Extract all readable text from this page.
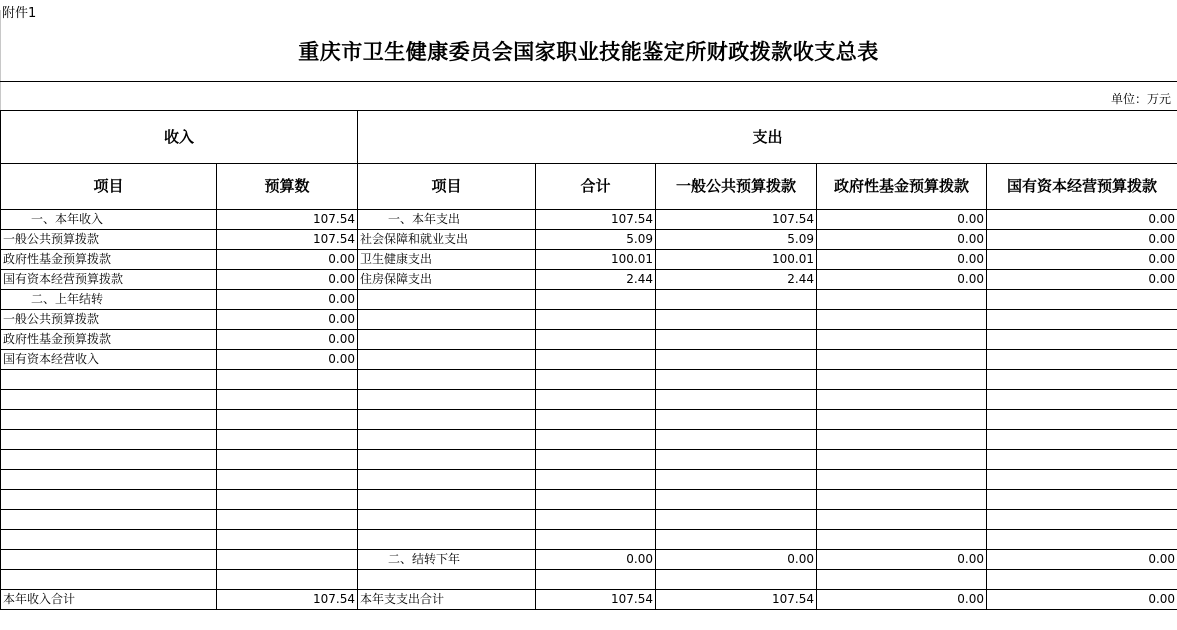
附件1
重庆市卫生健康委员会国家职业技能鉴定所财政拨款收支总表
单位：万元
收入		支出				
项目	预算数	项目	合计	一般公共预算拨款	政府性基金预算拨款	国有资本经营预算拨款
一、本年收入	107.54	一、本年支出	107.54	107.54	0.00	0.00
一般公共预算拨款	107.54	社会保障和就业支出	5.09	5.09	0.00	0.00
政府性基金预算拨款	0.00	卫生健康支出	100.01	100.01	0.00	0.00
国有资本经营预算拨款	0.00	住房保障支出	2.44	2.44	0.00	0.00
二、上年结转	0.00					
一般公共预算拨款	0.00					
政府性基金预算拨款	0.00					
国有资本经营收入	0.00					

		二、结转下年	0.00	0.00	0.00	0.00

本年收入合计	107.54	本年支支出合计	107.54	107.54	0.00	0.00
